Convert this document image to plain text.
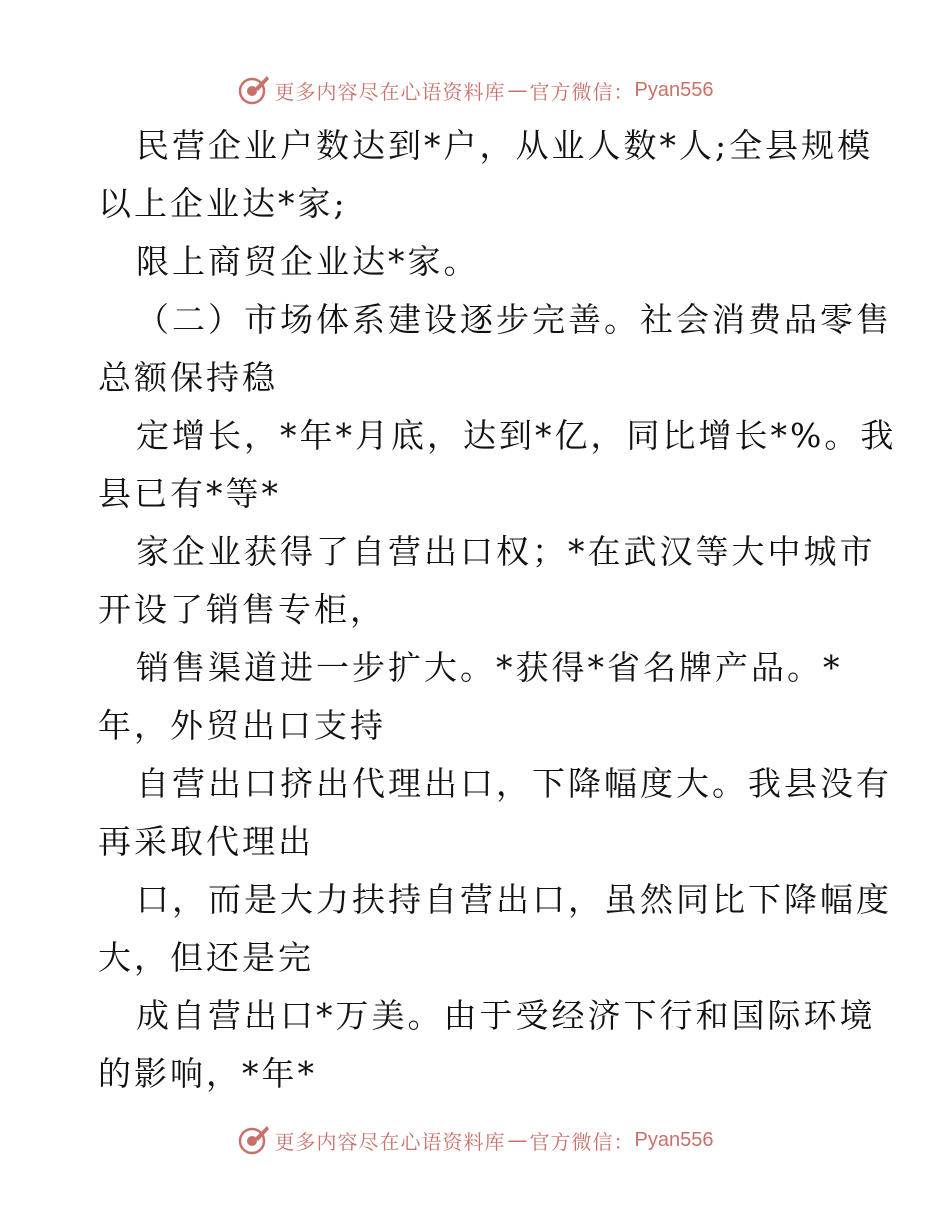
更多内容尽在心语资料库 — 官方微信： Pyan556
民营企业户数达到*户，从业人数*人;全县规模
以上企业达*家;
限上商贸企业达*家。
（二）市场体系建设逐步完善。社会消费品零售
总额保持稳
定增长，*年*月底，达到*亿，同比增长*%。我
县已有*等*
家企业获得了自营出口权；*在武汉等大中城市
开设了销售专柜，
销售渠道进一步扩大。*获得*省名牌产品。*
年，外贸出口支持
自营出口挤出代理出口，下降幅度大。我县没有
再采取代理出
口，而是大力扶持自营出口，虽然同比下降幅度
大，但还是完
成自营出口*万美。由于受经济下行和国际环境
的影响，*年*
更多内容尽在心语资料库 — 官方微信： Pyan556
